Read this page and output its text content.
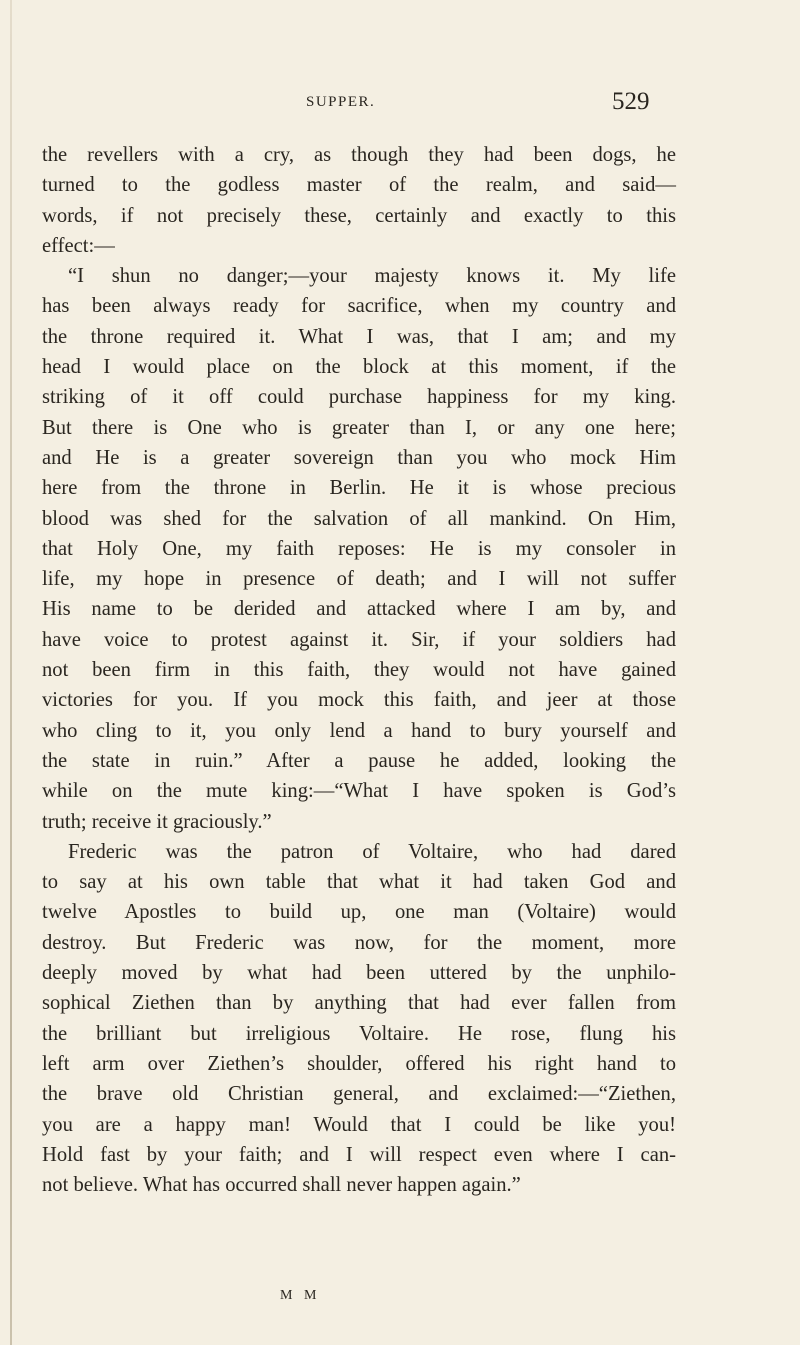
SUPPER.	529
the revellers with a cry, as though they had been dogs, he
turned to the godless master of the realm, and said—
words, if not precisely these, certainly and exactly to this
effect:—
“I shun no danger;—your majesty knows it. My life
has been always ready for sacrifice, when my country and
the throne required it. What I was, that I am; and my
head I would place on the block at this moment, if the
striking of it off could purchase happiness for my king.
But there is One who is greater than I, or any one here;
and He is a greater sovereign than you who mock Him
here from the throne in Berlin. He it is whose precious
blood was shed for the salvation of all mankind. On Him,
that Holy One, my faith reposes: He is my consoler in
life, my hope in presence of death; and I will not suffer
His name to be derided and attacked where I am by, and
have voice to protest against it. Sir, if your soldiers had
not been firm in this faith, they would not have gained
victories for you. If you mock this faith, and jeer at those
who cling to it, you only lend a hand to bury yourself and
the state in ruin.” After a pause he added, looking the
while on the mute king:—“What I have spoken is God’s
truth; receive it graciously.”
Frederic was the patron of Voltaire, who had dared
to say at his own table that what it had taken God and
twelve Apostles to build up, one man (Voltaire) would
destroy. But Frederic was now, for the moment, more
deeply moved by what had been uttered by the unphilo-
sophical Ziethen than by anything that had ever fallen from
the brilliant but irreligious Voltaire. He rose, flung his
left arm over Ziethen’s shoulder, offered his right hand to
the brave old Christian general, and exclaimed:—“Ziethen,
you are a happy man! Would that I could be like you!
Hold fast by your faith; and I will respect even where I can-
not believe. What has occurred shall never happen again.”
M M
